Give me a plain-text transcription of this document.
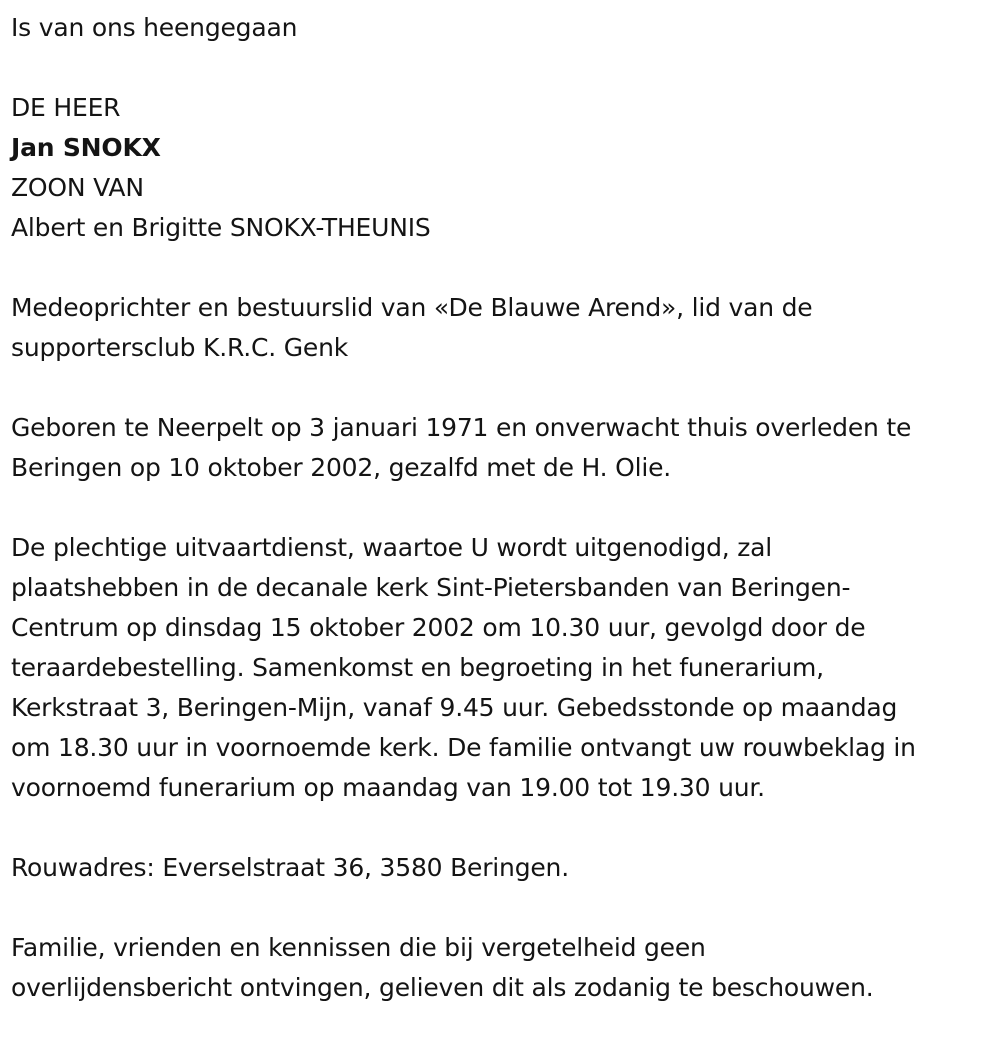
Is van ons heengegaan
DE HEER
Jan SNOKX
ZOON VAN
Albert en Brigitte SNOKX-THEUNIS
Medeoprichter en bestuurslid van «De Blauwe Arend», lid van de
supportersclub K.R.C. Genk
Geboren te Neerpelt op 3 januari 1971 en onverwacht thuis overleden te
Beringen op 10 oktober 2002, gezalfd met de H. Olie.
De plechtige uitvaartdienst, waartoe U wordt uitgenodigd, zal
plaatshebben in de decanale kerk Sint-Pietersbanden van Beringen-
Centrum op dinsdag 15 oktober 2002 om 10.30 uur, gevolgd door de
teraardebestelling. Samenkomst en begroeting in het funerarium,
Kerkstraat 3, Beringen-Mijn, vanaf 9.45 uur. Gebedsstonde op maandag
om 18.30 uur in voornoemde kerk. De familie ontvangt uw rouwbeklag in
voornoemd funerarium op maandag van 19.00 tot 19.30 uur.
Rouwadres: Everselstraat 36, 3580 Beringen.
Familie, vrienden en kennissen die bij vergetelheid geen
overlijdensbericht ontvingen, gelieven dit als zodanig te beschouwen.
